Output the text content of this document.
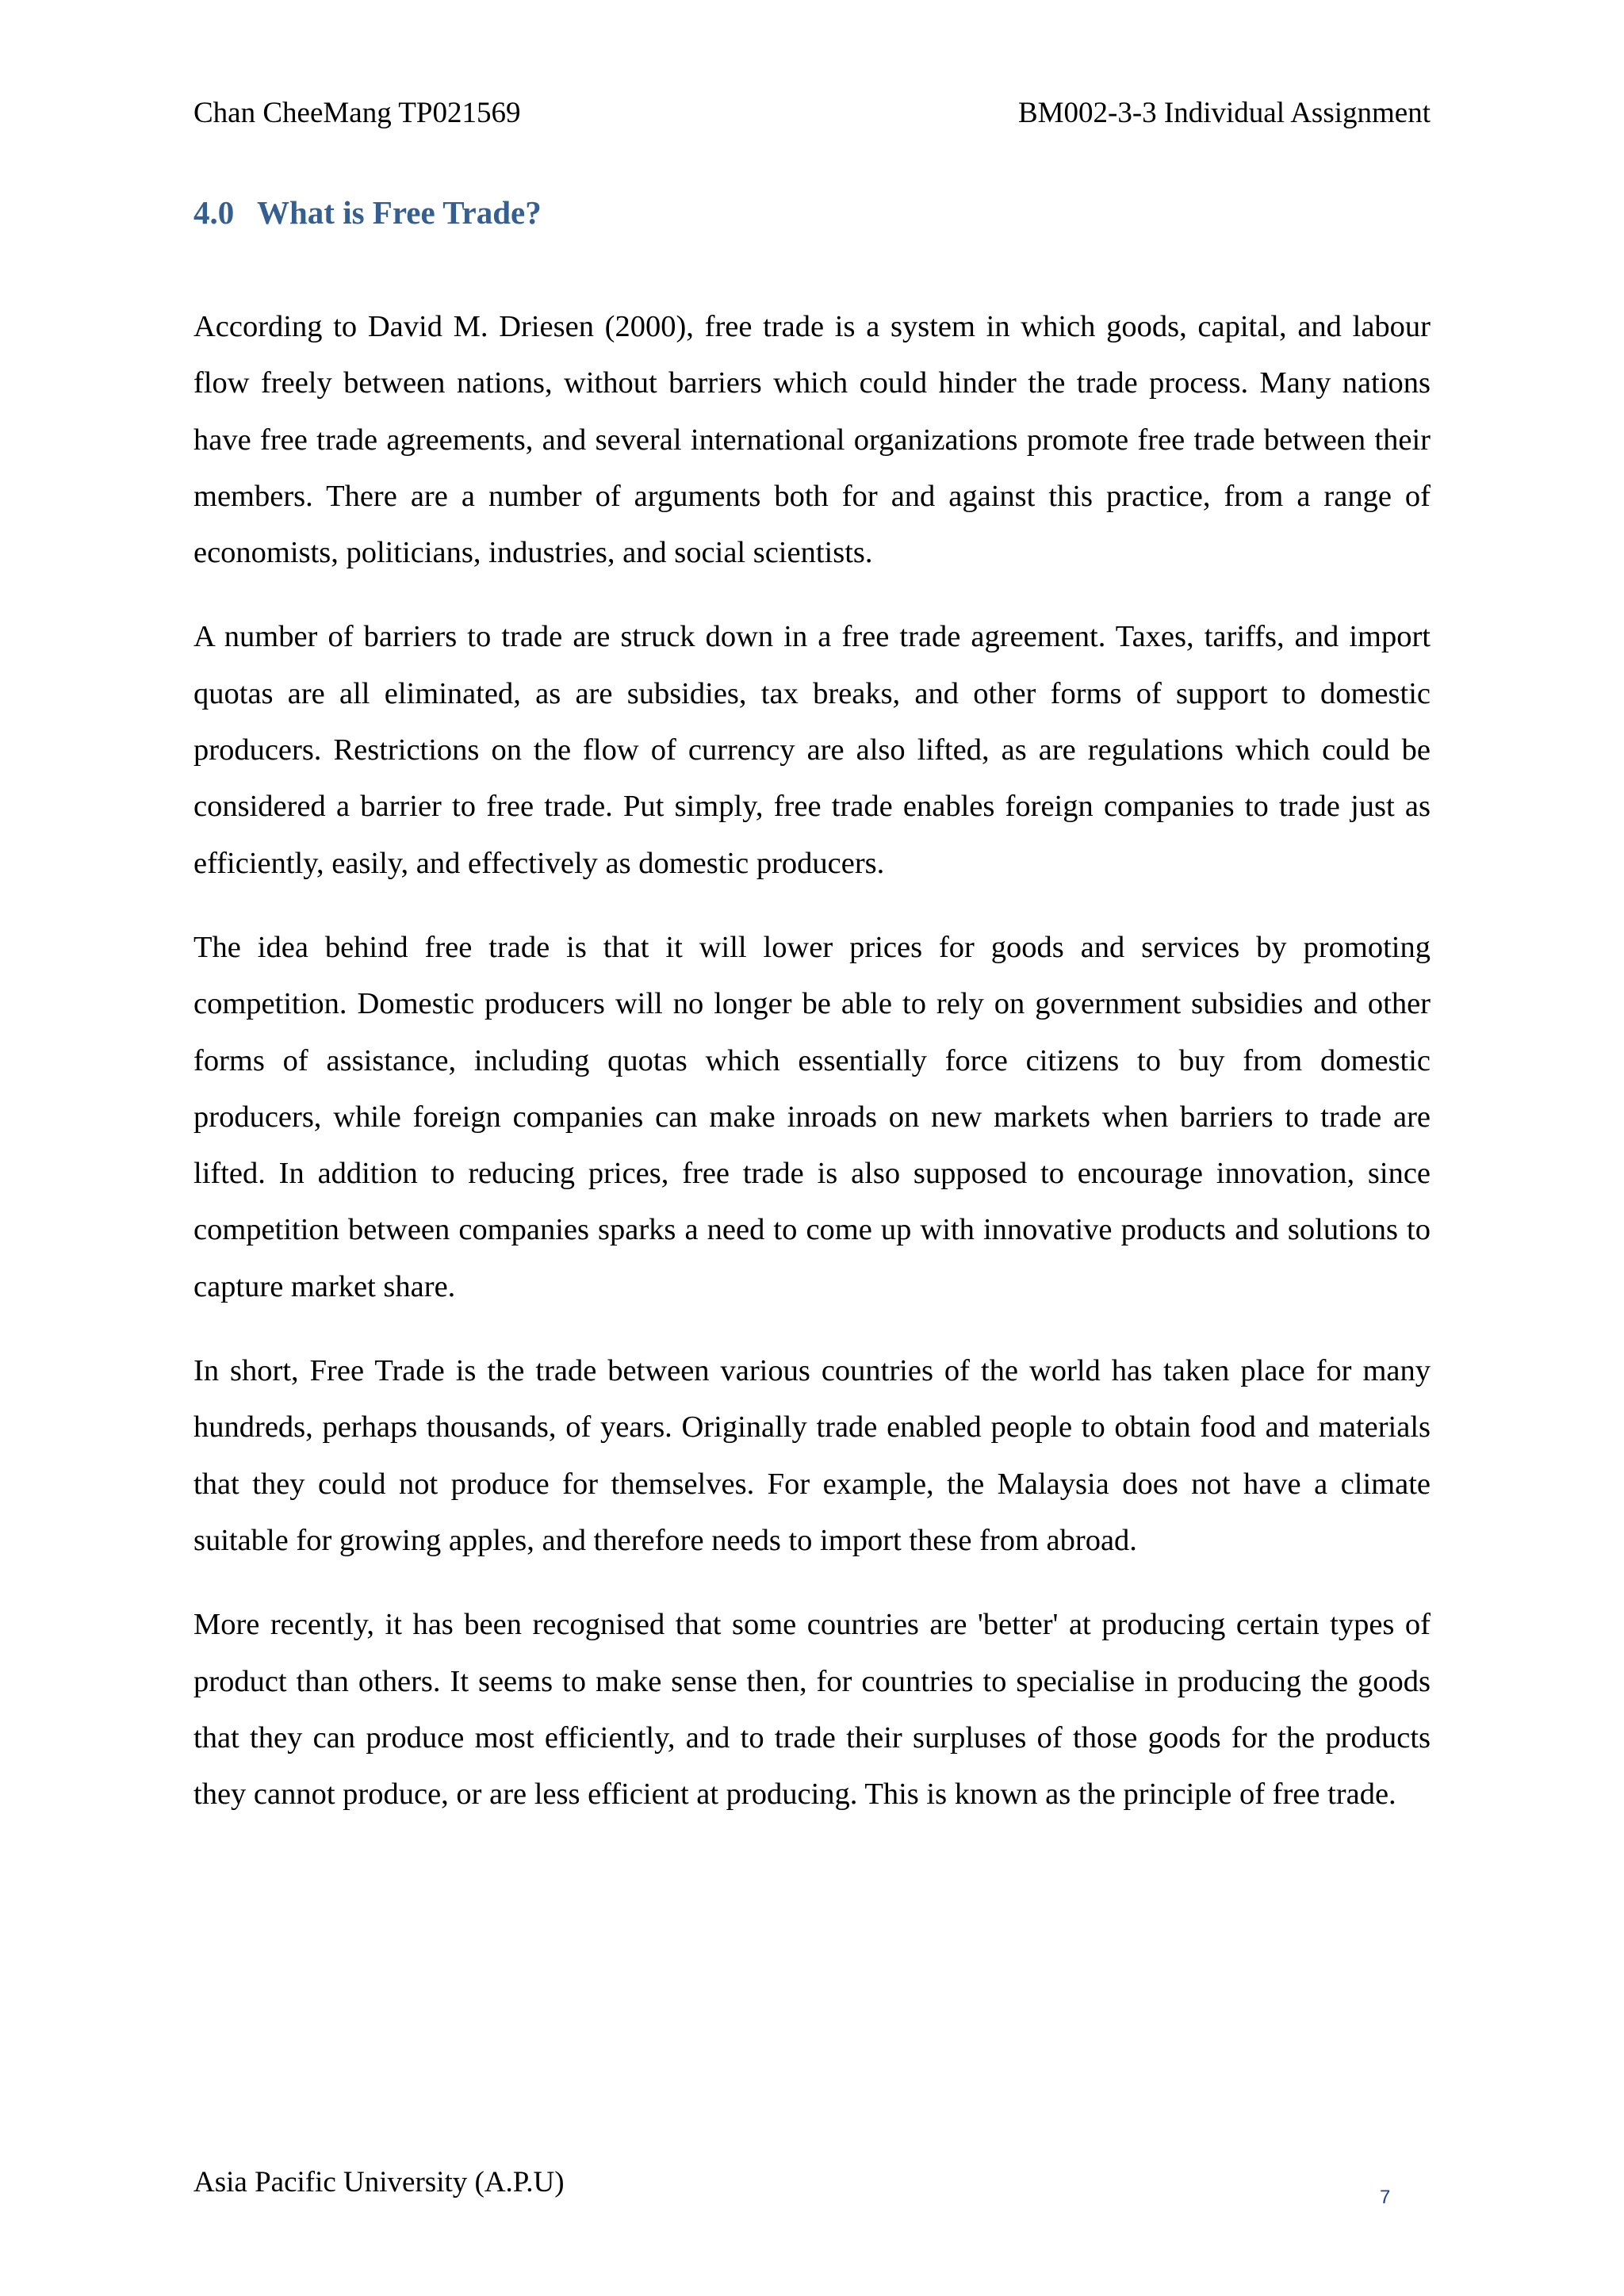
Chan CheeMang TP021569	BM002-3-3 Individual Assignment
4.0 What is Free Trade?

According to David M. Driesen (2000), free trade is a system in which goods, capital, and labour flow freely between nations, without barriers which could hinder the trade process. Many nations have free trade agreements, and several international organizations promote free trade between their members. There are a number of arguments both for and against this practice, from a range of economists, politicians, industries, and social scientists.

A number of barriers to trade are struck down in a free trade agreement. Taxes, tariffs, and import quotas are all eliminated, as are subsidies, tax breaks, and other forms of support to domestic producers. Restrictions on the flow of currency are also lifted, as are regulations which could be considered a barrier to free trade. Put simply, free trade enables foreign companies to trade just as efficiently, easily, and effectively as domestic producers.

The idea behind free trade is that it will lower prices for goods and services by promoting competition. Domestic producers will no longer be able to rely on government subsidies and other forms of assistance, including quotas which essentially force citizens to buy from domestic producers, while foreign companies can make inroads on new markets when barriers to trade are lifted. In addition to reducing prices, free trade is also supposed to encourage innovation, since competition between companies sparks a need to come up with innovative products and solutions to capture market share.

In short, Free Trade is the trade between various countries of the world has taken place for many hundreds, perhaps thousands, of years. Originally trade enabled people to obtain food and materials that they could not produce for themselves. For example, the Malaysia does not have a climate suitable for growing apples, and therefore needs to import these from abroad.

More recently, it has been recognised that some countries are 'better' at producing certain types of product than others. It seems to make sense then, for countries to specialise in producing the goods that they can produce most efficiently, and to trade their surpluses of those goods for the products they cannot produce, or are less efficient at producing. This is known as the principle of free trade.

Asia Pacific University (A.P.U)	7
